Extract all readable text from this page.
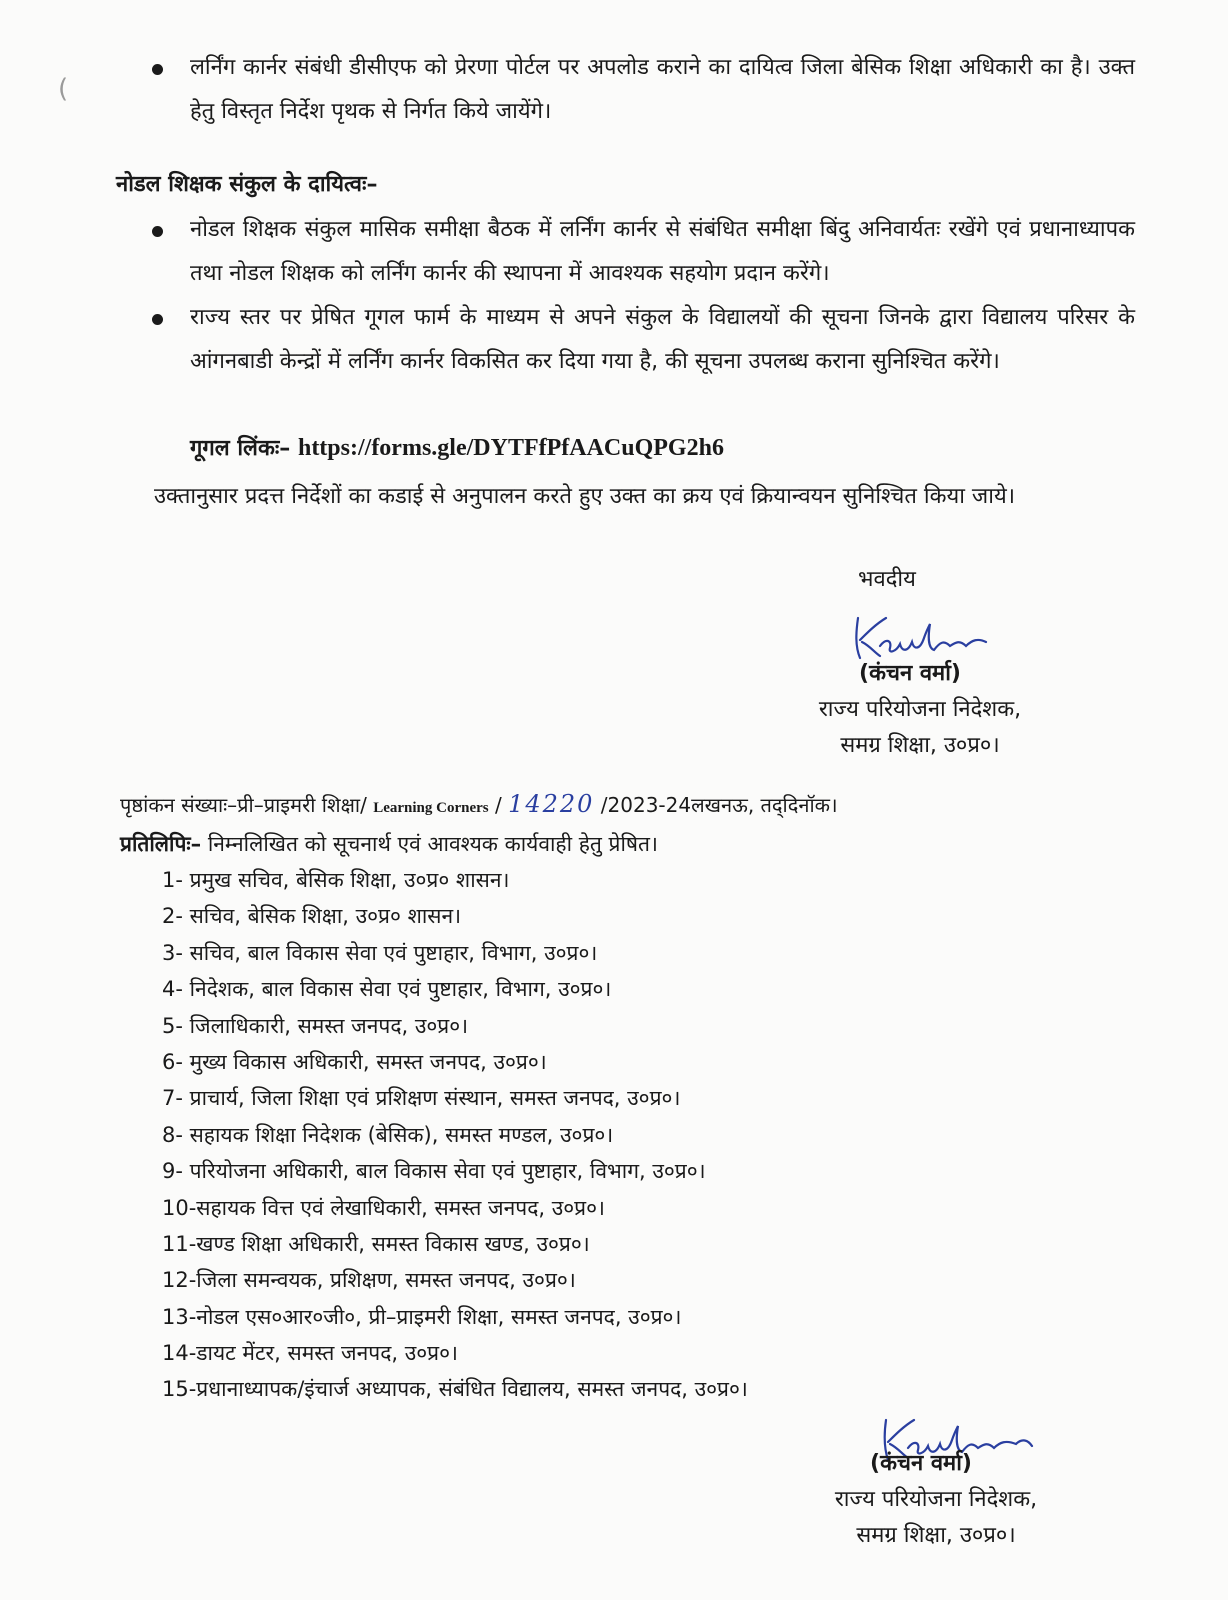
(
लर्निंग कार्नर संबंधी डीसीएफ को प्रेरणा पोर्टल पर अपलोड कराने का दायित्व जिला बेसिक शिक्षा अधिकारी का है। उक्त हेतु विस्तृत निर्देश पृथक से निर्गत किये जायेंगे।
नोडल शिक्षक संकुल के दायित्वः–
नोडल शिक्षक संकुल मासिक समीक्षा बैठक में लर्निंग कार्नर से संबंधित समीक्षा बिंदु अनिवार्यतः रखेंगे एवं प्रधानाध्यापक तथा नोडल शिक्षक को लर्निंग कार्नर की स्थापना में आवश्यक सहयोग प्रदान करेंगे।
राज्य स्तर पर प्रेषित गूगल फार्म के माध्यम से अपने संकुल के विद्यालयों की सूचना जिनके द्वारा विद्यालय परिसर के आंगनबाडी केन्द्रों में लर्निंग कार्नर विकसित कर दिया गया है, की सूचना उपलब्ध कराना सुनिश्चित करेंगे।
गूगल लिंकः– https://forms.gle/DYTFfPfAACuQPG2h6
उक्तानुसार प्रदत्त निर्देशों का कडाई से अनुपालन करते हुए उक्त का क्रय एवं क्रियान्वयन सुनिश्चित किया जाये।
भवदीय
(कंचन वर्मा)
राज्य परियोजना निदेशक,
समग्र शिक्षा, उ०प्र०।
पृष्ठांकन संख्याः–प्री–प्राइमरी शिक्षा/ Learning Corners / 14220 /2023-24लखनऊ, तद्‌दिनॉक।
प्रतिलिपिः– निम्नलिखित को सूचनार्थ एवं आवश्यक कार्यवाही हेतु प्रेषित।
1- प्रमुख सचिव, बेसिक शिक्षा, उ०प्र० शासन।
2- सचिव, बेसिक शिक्षा, उ०प्र० शासन।
3- सचिव, बाल विकास सेवा एवं पुष्टाहार, विभाग, उ०प्र०।
4- निदेशक, बाल विकास सेवा एवं पुष्टाहार, विभाग, उ०प्र०।
5- जिलाधिकारी, समस्त जनपद, उ०प्र०।
6- मुख्य विकास अधिकारी, समस्त जनपद, उ०प्र०।
7- प्राचार्य, जिला शिक्षा एवं प्रशिक्षण संस्थान, समस्त जनपद, उ०प्र०।
8- सहायक शिक्षा निदेशक (बेसिक), समस्त मण्डल, उ०प्र०।
9- परियोजना अधिकारी, बाल विकास सेवा एवं पुष्टाहार, विभाग, उ०प्र०।
10-सहायक वित्त एवं लेखाधिकारी, समस्त जनपद, उ०प्र०।
11-खण्ड शिक्षा अधिकारी, समस्त विकास खण्ड, उ०प्र०।
12-जिला समन्वयक, प्रशिक्षण, समस्त जनपद, उ०प्र०।
13-नोडल एस०आर०जी०, प्री–प्राइमरी शिक्षा, समस्त जनपद, उ०प्र०।
14-डायट मेंटर, समस्त जनपद, उ०प्र०।
15-प्रधानाध्यापक/इंचार्ज अध्यापक, संबंधित विद्यालय, समस्त जनपद, उ०प्र०।
(कंचन वर्मा)
राज्य परियोजना निदेशक,
समग्र शिक्षा, उ०प्र०।
